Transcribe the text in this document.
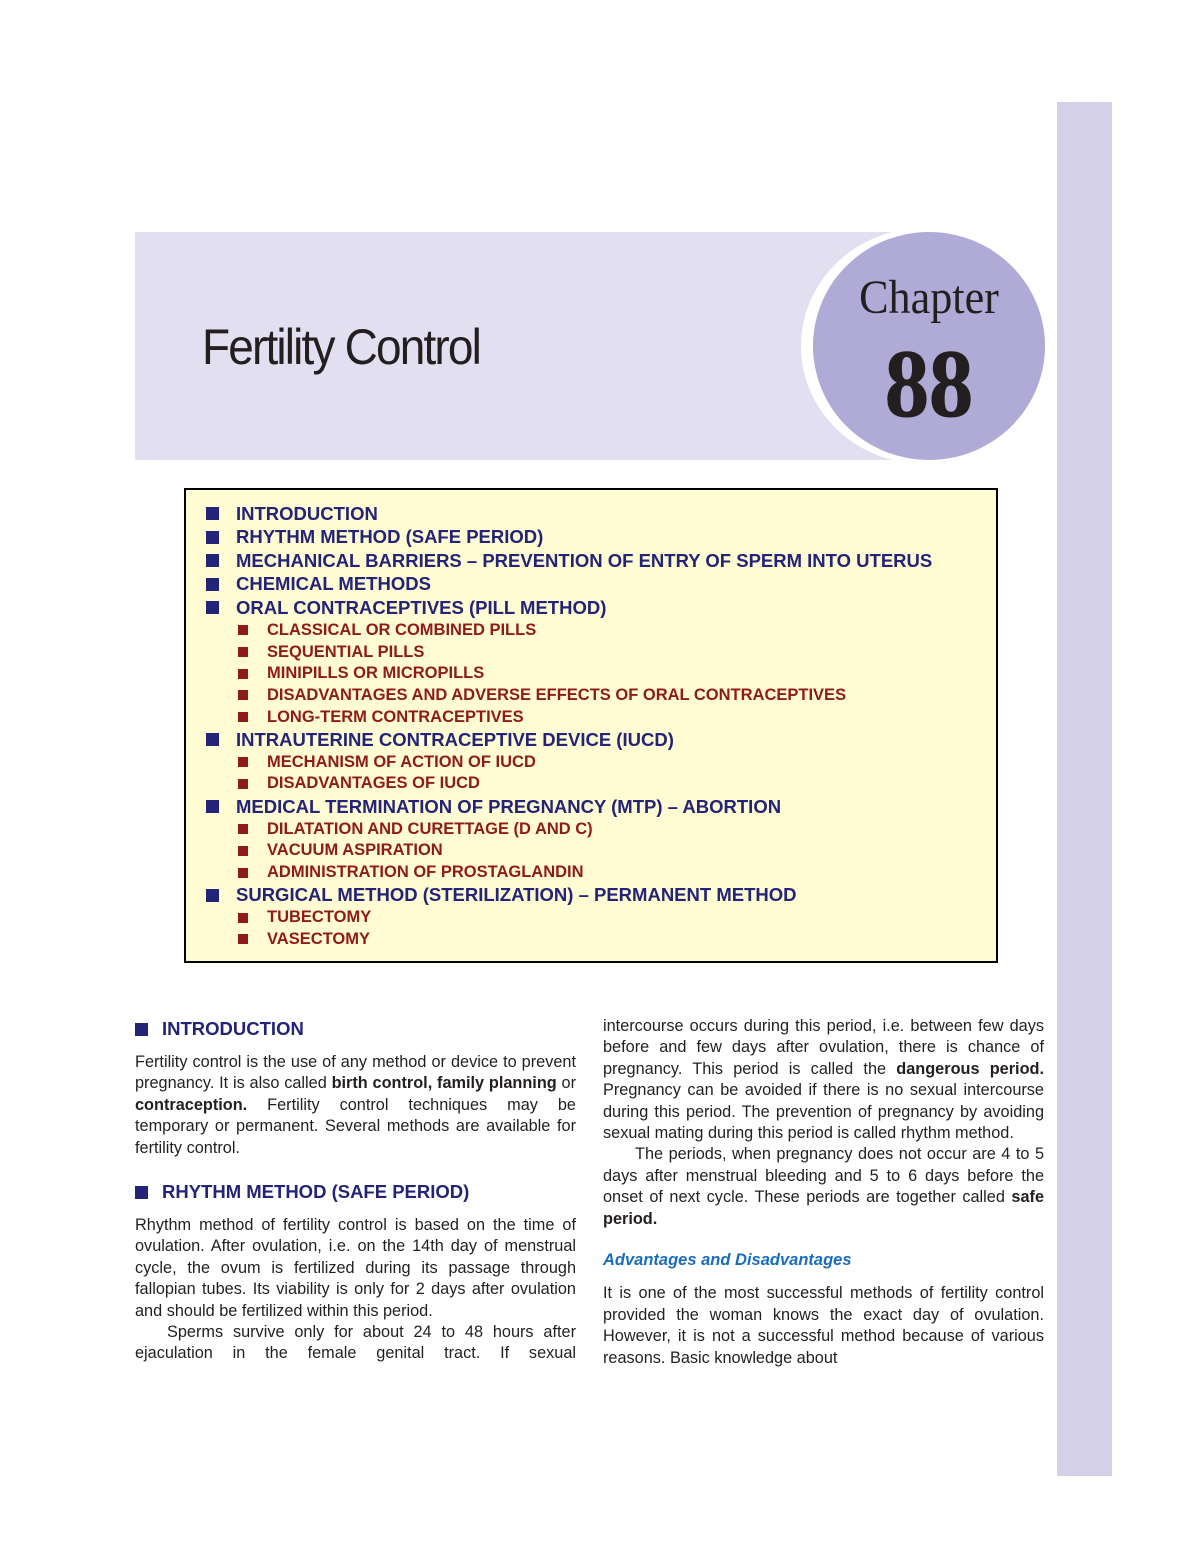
Fertility Control
Chapter
88
INTRODUCTION
RHYTHM METHOD (SAFE PERIOD)
MECHANICAL BARRIERS – PREVENTION OF ENTRY OF SPERM INTO UTERUS
CHEMICAL METHODS
ORAL CONTRACEPTIVES (PILL METHOD)
CLASSICAL OR COMBINED PILLS
SEQUENTIAL PILLS
MINIPILLS OR MICROPILLS
DISADVANTAGES AND ADVERSE EFFECTS OF ORAL CONTRACEPTIVES
LONG-TERM CONTRACEPTIVES
INTRAUTERINE CONTRACEPTIVE DEVICE (IUCD)
MECHANISM OF ACTION OF IUCD
DISADVANTAGES OF IUCD
MEDICAL TERMINATION OF PREGNANCY (MTP) – ABORTION
DILATATION AND CURETTAGE (D AND C)
VACUUM ASPIRATION
ADMINISTRATION OF PROSTAGLANDIN
SURGICAL METHOD (STERILIZATION) – PERMANENT METHOD
TUBECTOMY
VASECTOMY
INTRODUCTION

Fertility control is the use of any method or device to prevent pregnancy. It is also called birth control, family planning or contraception. Fertility control techniques may be temporary or permanent. Several methods are available for fertility control.

RHYTHM METHOD (SAFE PERIOD)

Rhythm method of fertility control is based on the time of ovulation. After ovulation, i.e. on the 14th day of menstrual cycle, the ovum is fertilized during its passage through fallopian tubes. Its viability is only for 2 days after ovulation and should be fertilized within this period.

Sperms survive only for about 24 to 48 hours after ejaculation in the female genital tract. If sexual

intercourse occurs during this period, i.e. between few days before and few days after ovulation, there is chance of pregnancy. This period is called the dangerous period. Pregnancy can be avoided if there is no sexual intercourse during this period. The prevention of pregnancy by avoiding sexual mating during this period is called rhythm method.

The periods, when pregnancy does not occur are 4 to 5 days after menstrual bleeding and 5 to 6 days before the onset of next cycle. These periods are together called safe period.

Advantages and Disadvantages

It is one of the most successful methods of fertility control provided the woman knows the exact day of ovulation. However, it is not a successful method because of various reasons. Basic knowledge about
